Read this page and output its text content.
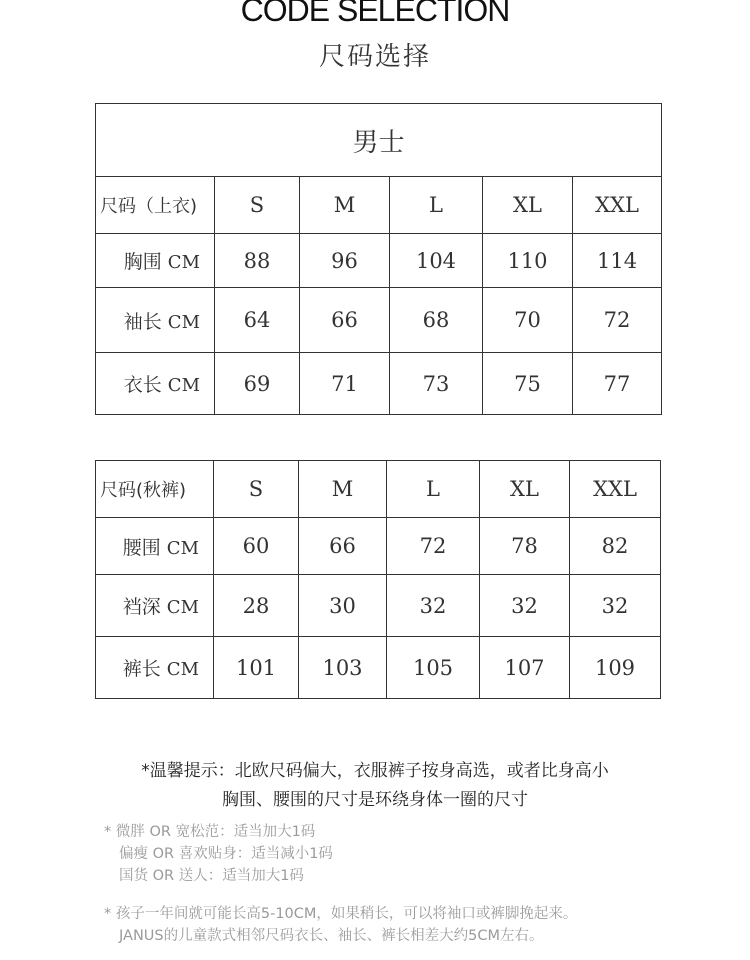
CODE SELECTION
尺码选择
男士					
尺码（上衣)	S	M	L	XL	XXL
胸围 CM	88	96	104	110	114
袖长 CM	64	66	68	70	72
衣长 CM	69	71	73	75	77
尺码(秋裤)	S	M	L	XL	XXL
腰围 CM	60	66	72	78	82
裆深 CM	28	30	32	32	32
裤长 CM	101	103	105	107	109
*温馨提示：北欧尺码偏大，衣服裤子按身高选，或者比身高小
胸围、腰围的尺寸是环绕身体一圈的尺寸
* 微胖 OR 宽松范：适当加大1码
偏瘦 OR 喜欢贴身：适当减小1码
国货 OR 送人：适当加大1码
* 孩子一年间就可能长高5-10CM，如果稍长，可以将袖口或裤脚挽起来。
JANUS的儿童款式相邻尺码衣长、袖长、裤长相差大约5CM左右。
